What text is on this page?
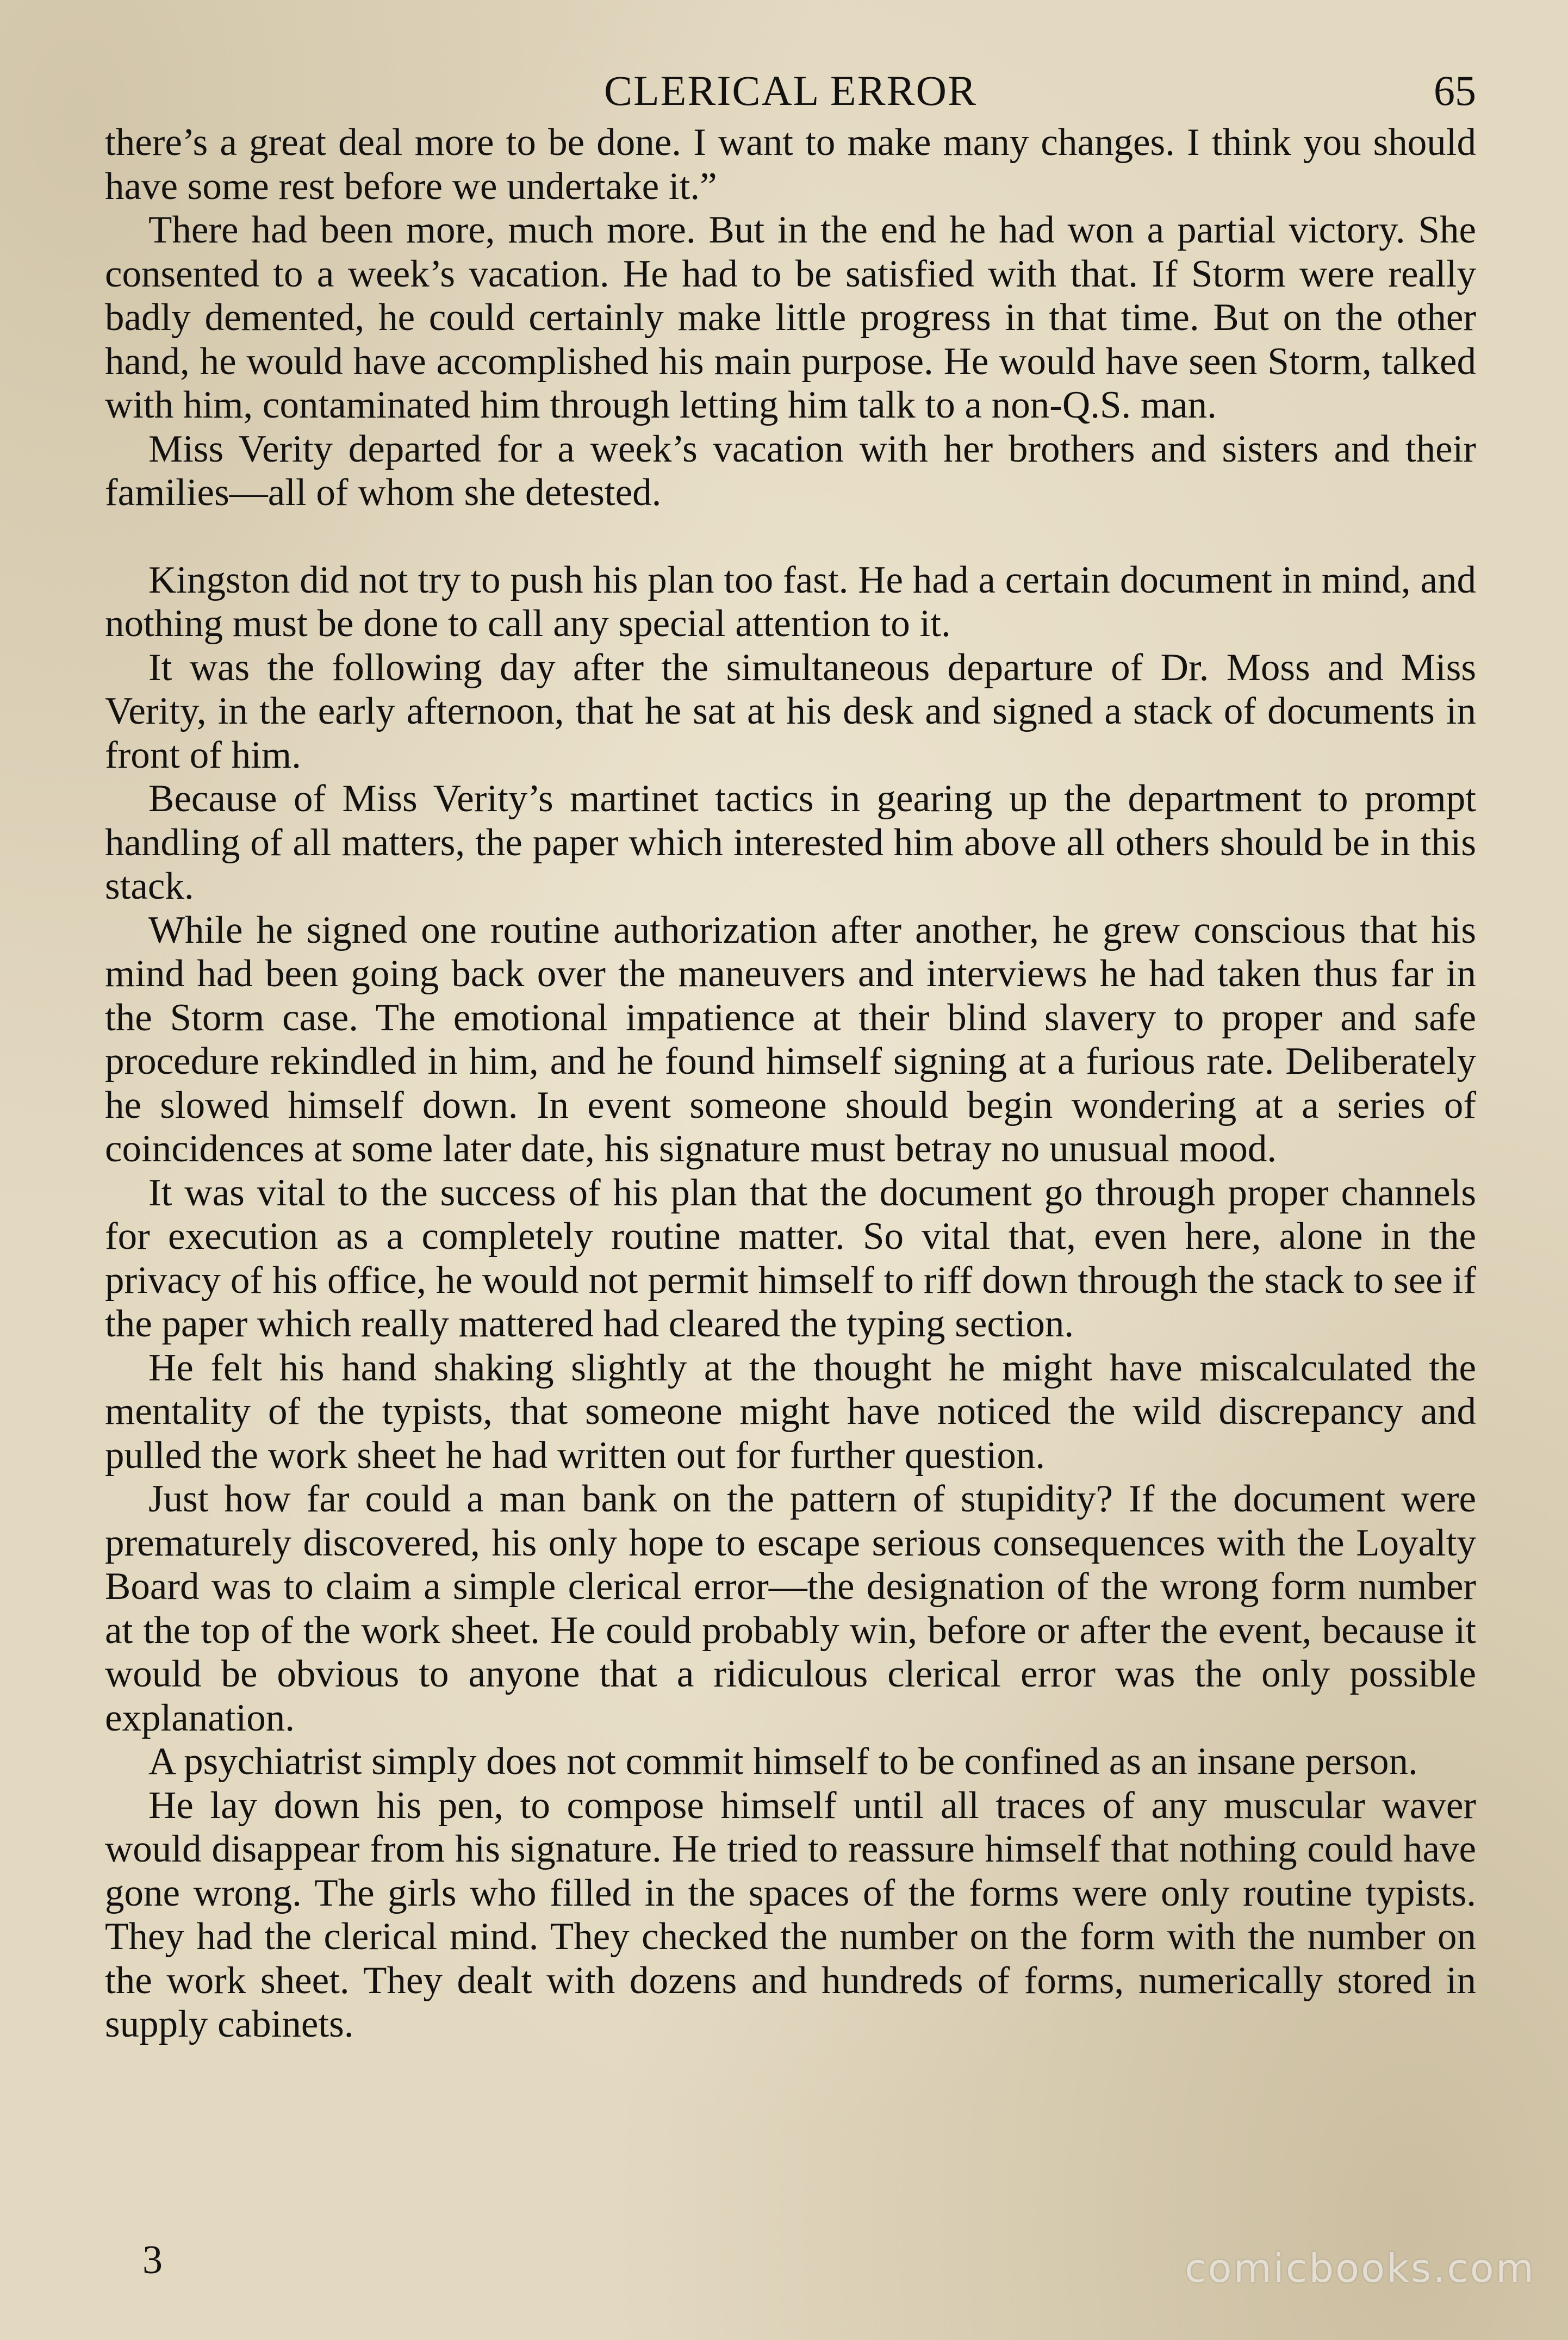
CLERICAL ERROR	65

there’s a great deal more to be done. I want to make many changes. I think you should have some rest before we undertake it.”

There had been more, much more. But in the end he had won a partial victory. She consented to a week’s vacation. He had to be satisfied with that. If Storm were really badly demented, he could certainly make little progress in that time. But on the other hand, he would have accomplished his main purpose. He would have seen Storm, talked with him, contaminated him through letting him talk to a non-Q.S. man.

Miss Verity departed for a week’s vacation with her brothers and sisters and their families—all of whom she detested.

Kingston did not try to push his plan too fast. He had a certain document in mind, and nothing must be done to call any special attention to it.

It was the following day after the simultaneous departure of Dr. Moss and Miss Verity, in the early afternoon, that he sat at his desk and signed a stack of documents in front of him.

Because of Miss Verity’s martinet tactics in gearing up the department to prompt handling of all matters, the paper which interested him above all others should be in this stack.

While he signed one routine authorization after another, he grew conscious that his mind had been going back over the maneuvers and interviews he had taken thus far in the Storm case. The emotional impatience at their blind slavery to proper and safe procedure rekindled in him, and he found himself signing at a furious rate. Deliberately he slowed himself down. In event someone should begin wondering at a series of coincidences at some later date, his signature must betray no unusual mood.

It was vital to the success of his plan that the document go through proper channels for execution as a completely routine matter. So vital that, even here, alone in the privacy of his office, he would not permit himself to riff down through the stack to see if the paper which really mattered had cleared the typing section.

He felt his hand shaking slightly at the thought he might have miscalculated the mentality of the typists, that someone might have noticed the wild discrepancy and pulled the work sheet he had written out for further question.

Just how far could a man bank on the pattern of stupidity? If the document were prematurely discovered, his only hope to escape serious consequences with the Loyalty Board was to claim a simple clerical error—the designation of the wrong form number at the top of the work sheet. He could probably win, before or after the event, because it would be obvious to anyone that a ridiculous clerical error was the only possible explanation.

A psychiatrist simply does not commit himself to be confined as an insane person.

He lay down his pen, to compose himself until all traces of any muscular waver would disappear from his signature. He tried to reassure himself that nothing could have gone wrong. The girls who filled in the spaces of the forms were only routine typists. They had the clerical mind. They checked the number on the form with the number on the work sheet. They dealt with dozens and hundreds of forms, numerically stored in supply cabinets.

3	comicbooks.com
